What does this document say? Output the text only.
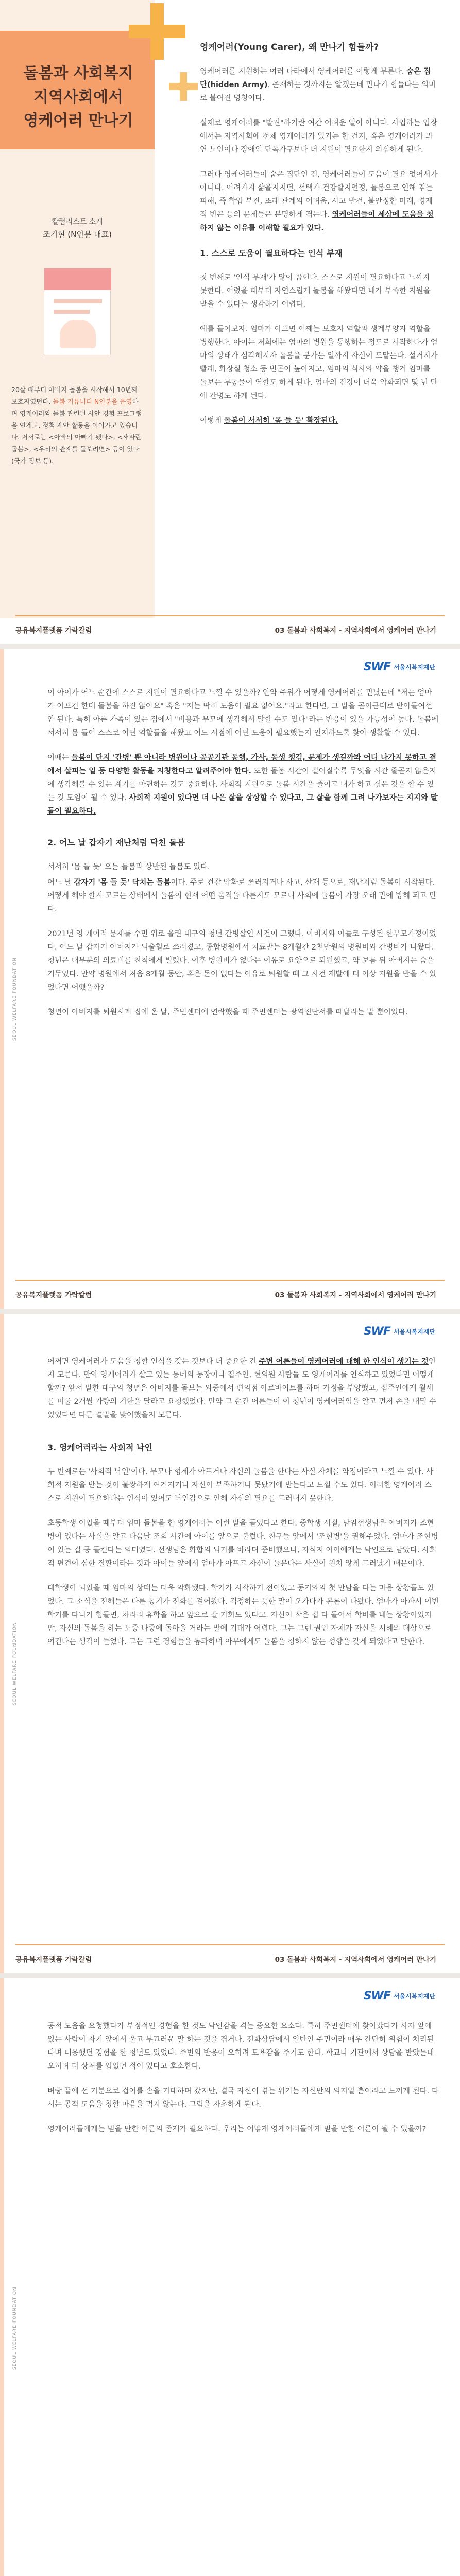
돌봄과 사회복지
지역사회에서
영케어러 만나기
칼럼리스트 소개
조기현 (N인분 대표)
20살 때부터 아버지 돌봄을 시작해서 10년째 보호자였던다. 돌봄 커뮤니티 N인분을 운영하며 영케어러와 돌봄 관련된 사안 경험 프로그램을 연계고, 정책 제안 활동을 이어가고 있습니다. 저서로는 <아빠의 아빠가 됐다>, <새파란 돌봄>, <우리의 관계를 돌보려면> 등이 있다(국가 정보 등).
영케어러(Young Carer), 왜 만나기 힘들까?

영케어러를 지원하는 여러 나라에서 영케어러를 이렇게 부른다. 숨은 집단(hidden Army). 존재하는 것까지는 알겠는데 만나기 힘들다는 의미로 붙여진 명칭이다.

실제로 영케어러를 "발견"하기란 여간 어려운 일이 아니다. 사업하는 입장에서는 지역사회에 전체 영케어러가 있기는 한 건지, 혹은 영케어러가 과연 노인이나 장애인 단독가구보다 더 지원이 필요한지 의심하게 된다.

그러나 영케어러들이 숨은 집단인 건, 영케어러들이 도움이 필요 없어서가 아니다. 어려가지 삶을지지던, 선택가 건강할지언정, 돌봄으로 인해 겪는 피해, 즉 학업 부진, 또래 관계의 어려움, 사고 반건, 불안정한 미래, 경제적 빈곤 등의 문제들은 분명하게 겪는다. 영케어러들이 세상에 도움을 청하지 않는 이유를 이해할 필요가 있다.

1. 스스로 도움이 필요하다는 인식 부재

첫 번째로 '인식 부재'가 많이 꼽힌다. 스스로 지원이 필요하다고 느끼지 못한다. 어렸을 때부터 자연스럽게 돌봄을 해왔다면 내가 부족한 지원을 받을 수 있다는 생각하기 어렵다.

예를 들어보자. 엄마가 아프면 어째는 보호자 역할과 생계부양자 역할을 병행한다. 아이는 저희에는 엄마의 병원을 동행하는 정도로 시작하다가 엄마의 상태가 심각해지자 돌봄을 분가는 일까지 자신이 도맡는다. 설거지가 빨래, 화장실 청소 등 빈곤이 높아지고, 엄마의 식사와 약을 챙겨 엄마를 돌보는 부동물이 역할도 하게 된다. 엄마의 건강이 더욱 악화되면 몇 년 만에 간병도 하게 된다.

이렇게 돌봄이 서서히 '몸 들 듯' 확장된다.

공유복지플랫폼 가락칼럼	03 돌봄과 사회복지 - 지역사회에서 영케어러 만나기
SWF 서울시복지재단
SEOUL WELFARE FOUNDATION

이 아이가 어느 순간에 스스로 지원이 필요하다고 느낄 수 있을까? 안약 주위가 어떻게 영케어러를 만났는데 "저는 엄마가 아프긴 한데 돌봄을 하진 않아요" 혹은 "저는 딱히 도움이 필요 없어요."라고 한다면, 그 말을 곧이곧대로 받아들여선 안 된다. 특히 아픈 가족이 있는 집에서 "비용과 부모에 생각해서 말할 수도 있다"라는 반응이 있을 가능성이 높다. 돌봄에 서서히 몸 들어 스스로 어떤 역할들을 해왔고 어느 시점에 어떤 도움이 필요했는지 인지하도록 찾아 생활할 수 있다.

이때는 돌봄이 단지 '간병' 뿐 아니라 병원이나 공공기관 동행, 가사, 동생 챙김, 문제가 생길까봐 어디 나가지 못하고 곁에서 살피는 일 등 다양한 활동을 지칭한다고 알려주어야 한다. 또한 돌봄 시간이 길어질수록 무엇을 시간 줄곧지 않은지에 생각해볼 수 있는 계기를 마련하는 것도 중요하다. 사회적 지원으로 돌봄 시간을 줄이고 내가 하고 싶은 것을 할 수 있는 것 모임이 될 수 있다. 사회적 지원이 있다면 더 나은 삶을 상상할 수 있다고, 그 삶을 함께 그려 나가보자는 지지와 말들이 필요하다.

2. 어느 날 갑자기 재난처럼 닥친 돌봄

서서히 '몸 들 듯' 오는 돌봄과 상반된 돌봄도 있다.

어느 날 갑자기 '몸 들 듯' 닥치는 돌봄이다. 주로 건강 악화로 쓰러지거나 사고, 산재 등으로, 재난처럼 돌봄이 시작된다. 어떻게 해야 할지 모르는 상태에서 돌봄이 현재 어떤 움직을 다른지도 모르니 사회에 돌봄이 가장 오래 만에 방해 되고 만다.

2021년 영 케어러 문제를 수면 위로 올린 대구의 청년 간병살인 사건이 그랬다. 아버지와 아들로 구성된 한부모가정이었다. 어느 날 갑자기 아버지가 뇌출혈로 쓰러졌고, 종합병원에서 치료받는 8개월간 2천만원의 병원비와 간병비가 나왔다. 청년은 대부분의 의료비를 친척에게 빌렸다. 이후 병원비가 없다는 이유로 요양으로 퇴원했고, 약 보름 뒤 아버지는 숨을 거두었다. 만약 병원에서 처음 8개월 동안, 혹은 돈이 없다는 이유로 퇴원할 때 그 사건 재발에 더 이상 지원을 받을 수 있었다면 어땠을까?

청년이 아버지를 퇴원시켜 집에 온 날, 주민센터에 연락했을 때 주민센터는 광역진단서를 떼달라는 말 뿐이었다.

공유복지플랫폼 가락칼럼	03 돌봄과 사회복지 - 지역사회에서 영케어러 만나기
SWF 서울시복지재단
SEOUL WELFARE FOUNDATION

어쩌면 영케어러가 도움을 청할 인식을 갖는 것보다 더 중요한 건 주변 어른들이 영케어러에 대해 한 인식이 생기는 것인지 모른다. 만약 영케어러가 살고 있는 동네의 동장이나 집주인, 현의원 사람들 도 영케어러를 인식하고 있었다면 어떻게 할까? 앞서 말한 대구의 청년은 아버지를 돌보는 와중에서 편의점 아르바이트를 하며 가정을 부양했고, 집주인에게 월세를 미룰 2개월 가량의 기한을 달라고 요청했었다. 만약 그 순간 어른들이 이 청년이 영케어러임을 알고 먼저 손을 내밀 수 있었다면 다른 결말을 맞이했을지 모른다.

3. 영케어러라는 사회적 낙인

두 번째로는 '사회적 낙인'이다. 부모나 형제가 아프거나 자신의 돌봄을 한다는 사실 자체를 약점이라고 느낄 수 있다. 사회적 지원을 받는 것이 불쌍하게 여겨지거나 자신이 부족하거나 못났기에 받는다고 느낄 수도 있다. 이러한 영케어러 스스로 지원이 필요하다는 인식이 있어도 낙인감으로 인해 자신의 필요를 드러내지 못한다.

초등학생 이었을 때부터 엄마 돌봄을 한 영케어러는 이런 말을 들었다고 한다. 중학생 시절, 담임선생님은 아버지가 조현병이 있다는 사실을 알고 다음날 조회 시간에 아이를 앞으로 불렀다. 친구들 앞에서 '조현병'을 권해주었다. 엄마가 조현병이 있는 걸 공 들킨다는 의미였다. 선생님은 화합의 되기를 바라며 준비했으나, 자식지 아이에게는 낙인으로 남았다. 사회적 편견이 심한 질환이라는 것과 아이들 앞에서 엄마가 아프고 자신이 돌본다는 사실이 원치 않게 드러났기 때문이다.

대학생이 되었을 때 엄마의 상태는 더욱 악화됐다. 학기가 시작하기 전이었고 동기와의 첫 만남을 다는 마음 상황들도 있었다. 그 소식을 전해들은 다른 동기가 전화를 걸어왔다. 걱정하는 듯한 말이 오가다가 본론이 나왔다. 엄마가 아파서 이번 학기를 다니기 힘들면, 차라리 휴학을 하고 앞으로 갈 기회도 있다고. 자신이 작은 집 다 들어서 학비를 내는 상황이었지만, 자신의 돌봄을 하는 도중 나중에 돌아올 거라는 말에 기대가 어렵다. 그는 그런 권언 자체가 자신을 시혜의 대상으로 여긴다는 생각이 들었다. 그는 그런 경험들을 통과하며 아무에게도 돌봄을 청하지 않는 성향을 갖게 되었다고 말한다.

공유복지플랫폼 가락칼럼	03 돌봄과 사회복지 - 지역사회에서 영케어러 만나기
SWF 서울시복지재단
SEOUL WELFARE FOUNDATION

공적 도움을 요청했다가 부정적인 경험을 한 것도 낙인감을 겪는 중요한 요소다. 특히 주민센터에 찾아갔다가 사자 앞에 있는 사람이 자기 앞에서 울고 부끄러운 말 하는 것을 겪거나, 전화상담에서 일반인 주민이라 매우 간단히 위험이 처리된다며 대응했던 경험을 한 청년도 있었다. 주변의 반응이 오히려 모욕감을 주기도 한다. 학교나 기관에서 상담을 받았는데 오히려 더 상처를 입었던 적이 있다고 호소한다.

벼랑 끝에 선 기분으로 겁어를 손을 기대하며 갔지만, 결국 자신이 겪는 위기는 자신만의 의지일 뿐이라고 느끼게 된다. 다시는 공적 도움을 청할 마음을 먹지 않는다. 그림을 자초하게 된다.

영케어러들에게는 믿을 만한 어른의 존재가 필요하다. 우리는 어떻게 영케어러들에게 믿을 만한 어른이 될 수 있을까?
